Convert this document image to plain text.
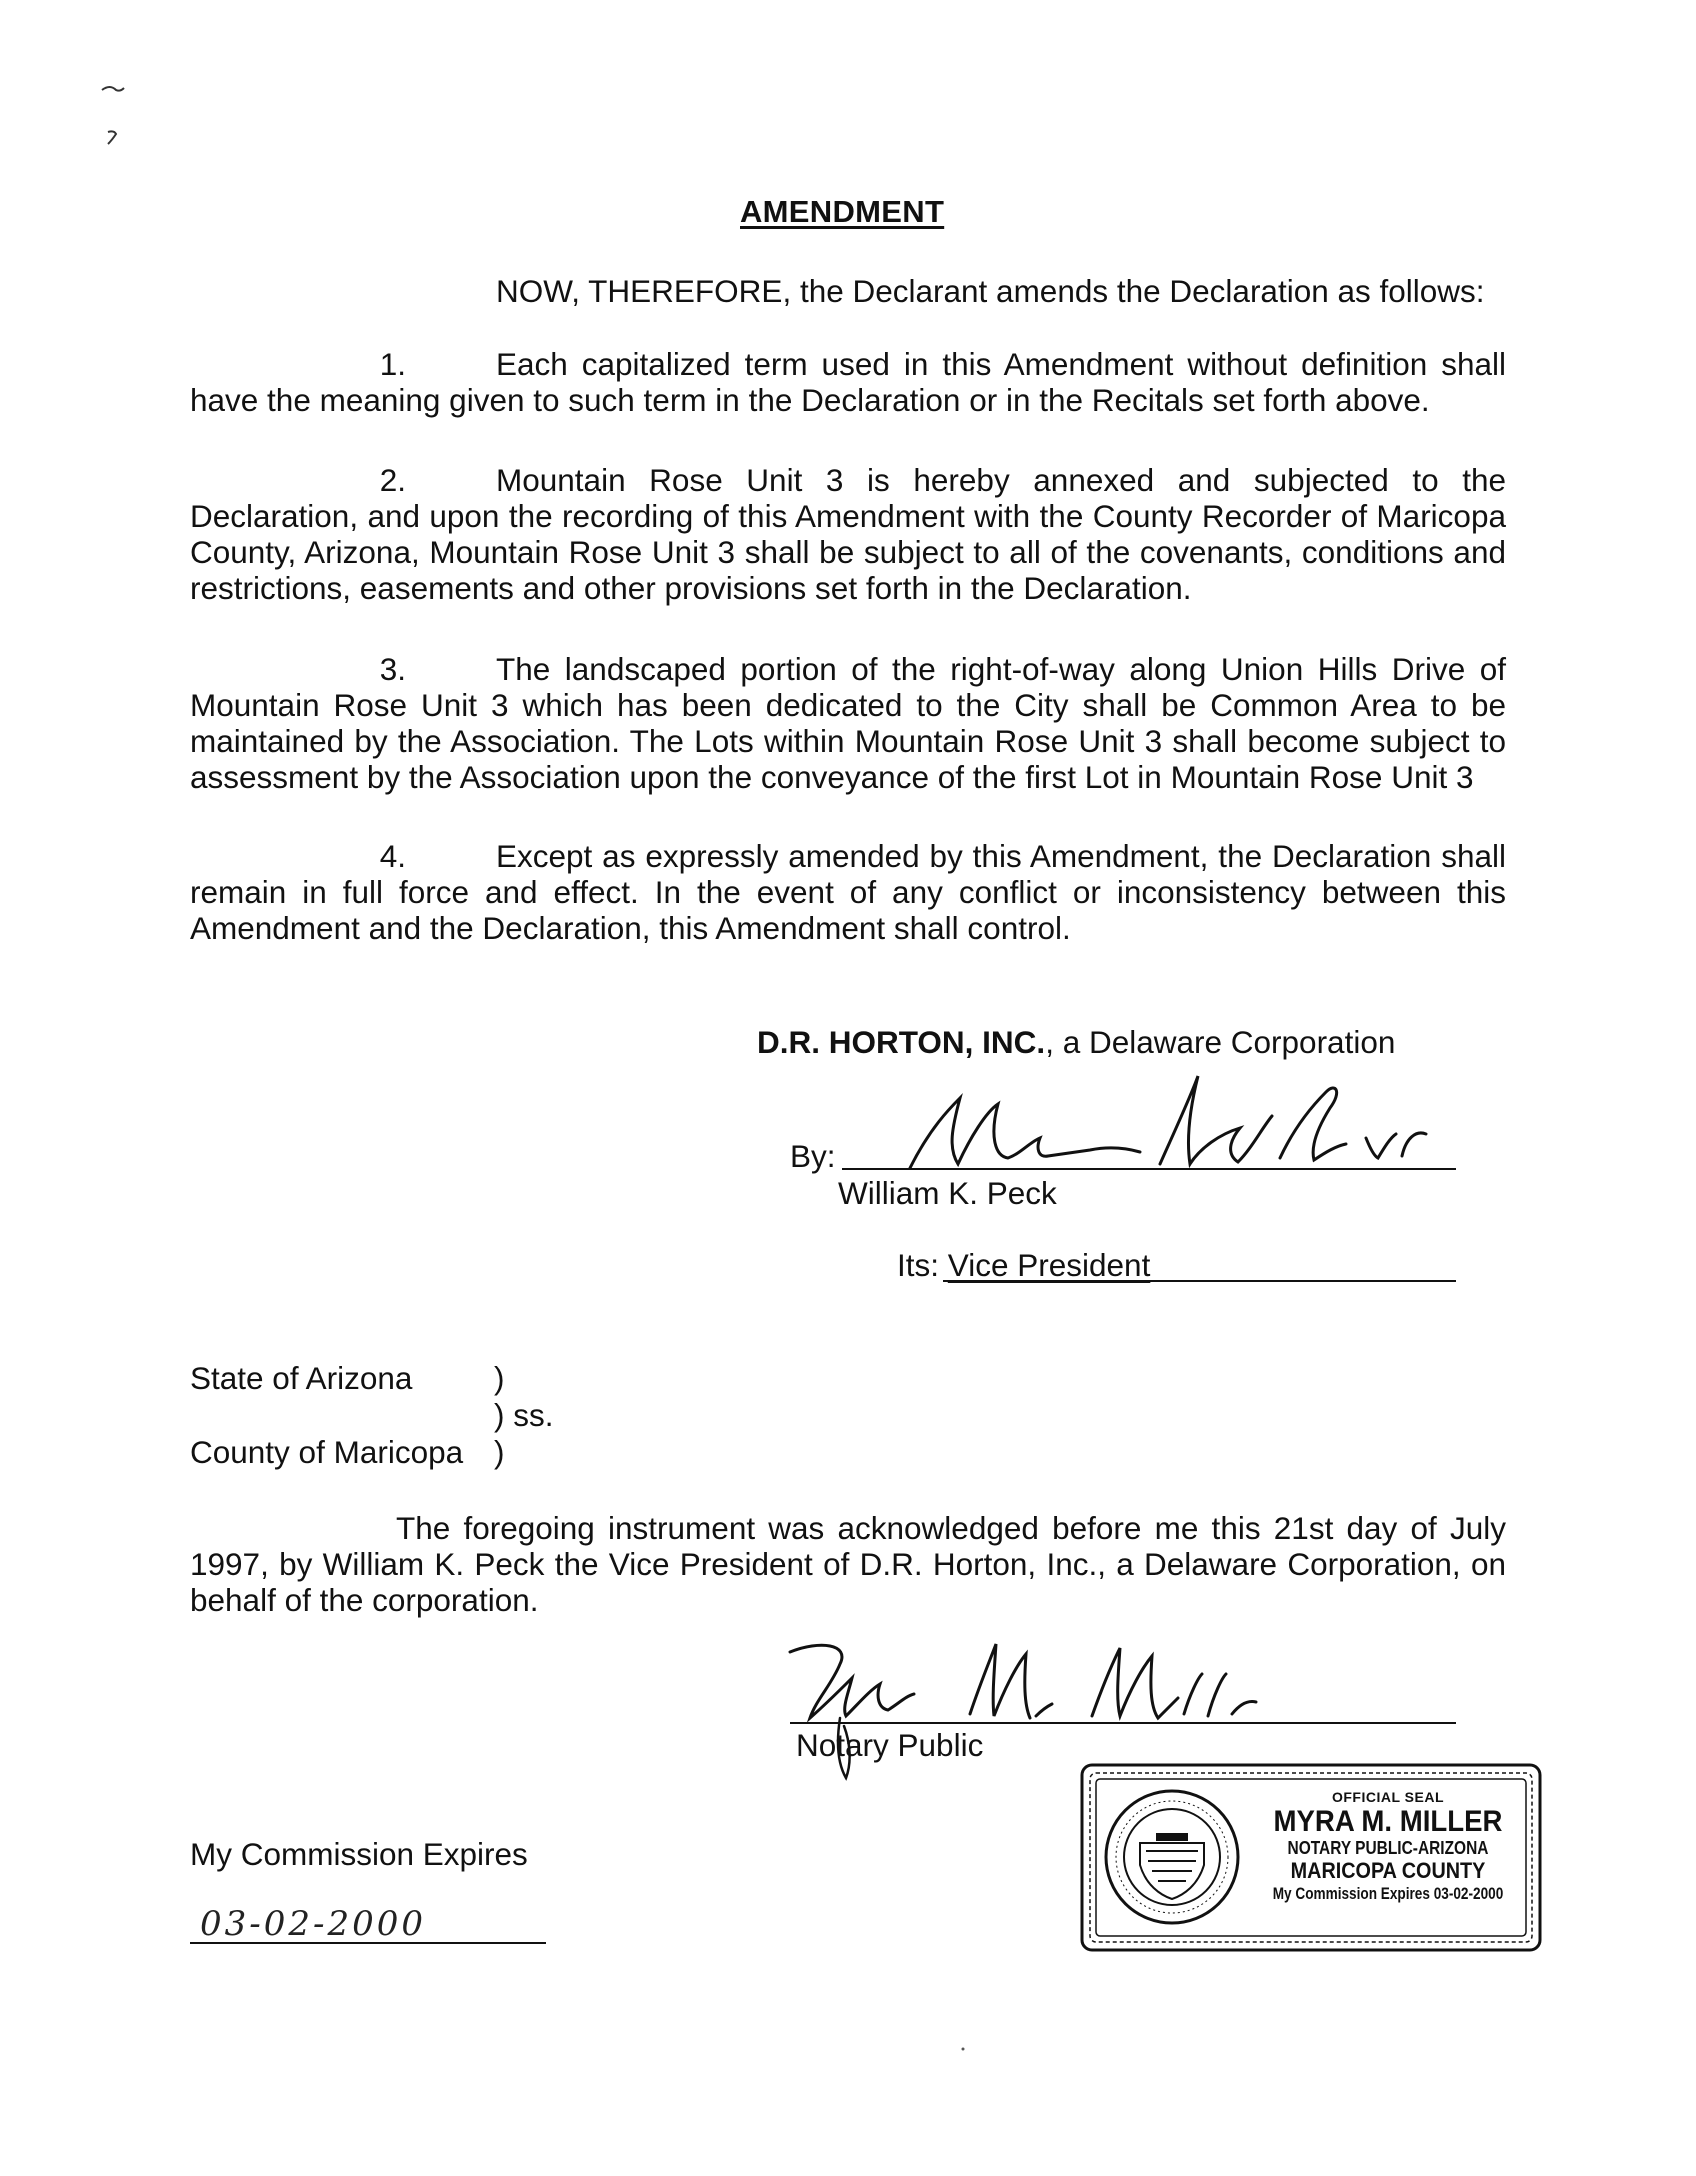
AMENDMENT
NOW, THEREFORE, the Declarant amends the Declaration as follows:
1.	Each capitalized term used in this Amendment without definition shall have the meaning given to such term in the Declaration or in the Recitals set forth above.
2.	Mountain Rose Unit 3 is hereby annexed and subjected to the Declaration, and upon the recording of this Amendment with the County Recorder of Maricopa County, Arizona, Mountain Rose Unit 3 shall be subject to all of the covenants, conditions and restrictions, easements and other provisions set forth in the Declaration.
3.	The landscaped portion of the right-of-way along Union Hills Drive of Mountain Rose Unit 3 which has been dedicated to the City shall be Common Area to be maintained by the Association. The Lots within Mountain Rose Unit 3 shall become subject to assessment by the Association upon the conveyance of the first Lot in Mountain Rose Unit 3
4.	Except as expressly amended by this Amendment, the Declaration shall remain in full force and effect. In the event of any conflict or inconsistency between this Amendment and the Declaration, this Amendment shall control.
D.R. HORTON, INC., a Delaware Corporation
By:
William K. Peck
Its: Vice President
State of Arizona	)
) ss.
County of Maricopa )
The foregoing instrument was acknowledged before me this 21st day of July 1997, by William K. Peck the Vice President of D.R. Horton, Inc., a Delaware Corporation, on behalf of the corporation.
Notary Public
My Commission Expires
03-02-2000
OFFICIAL SEAL
MYRA M. MILLER
NOTARY PUBLIC-ARIZONA
MARICOPA COUNTY
My Commission Expires 03-02-2000
